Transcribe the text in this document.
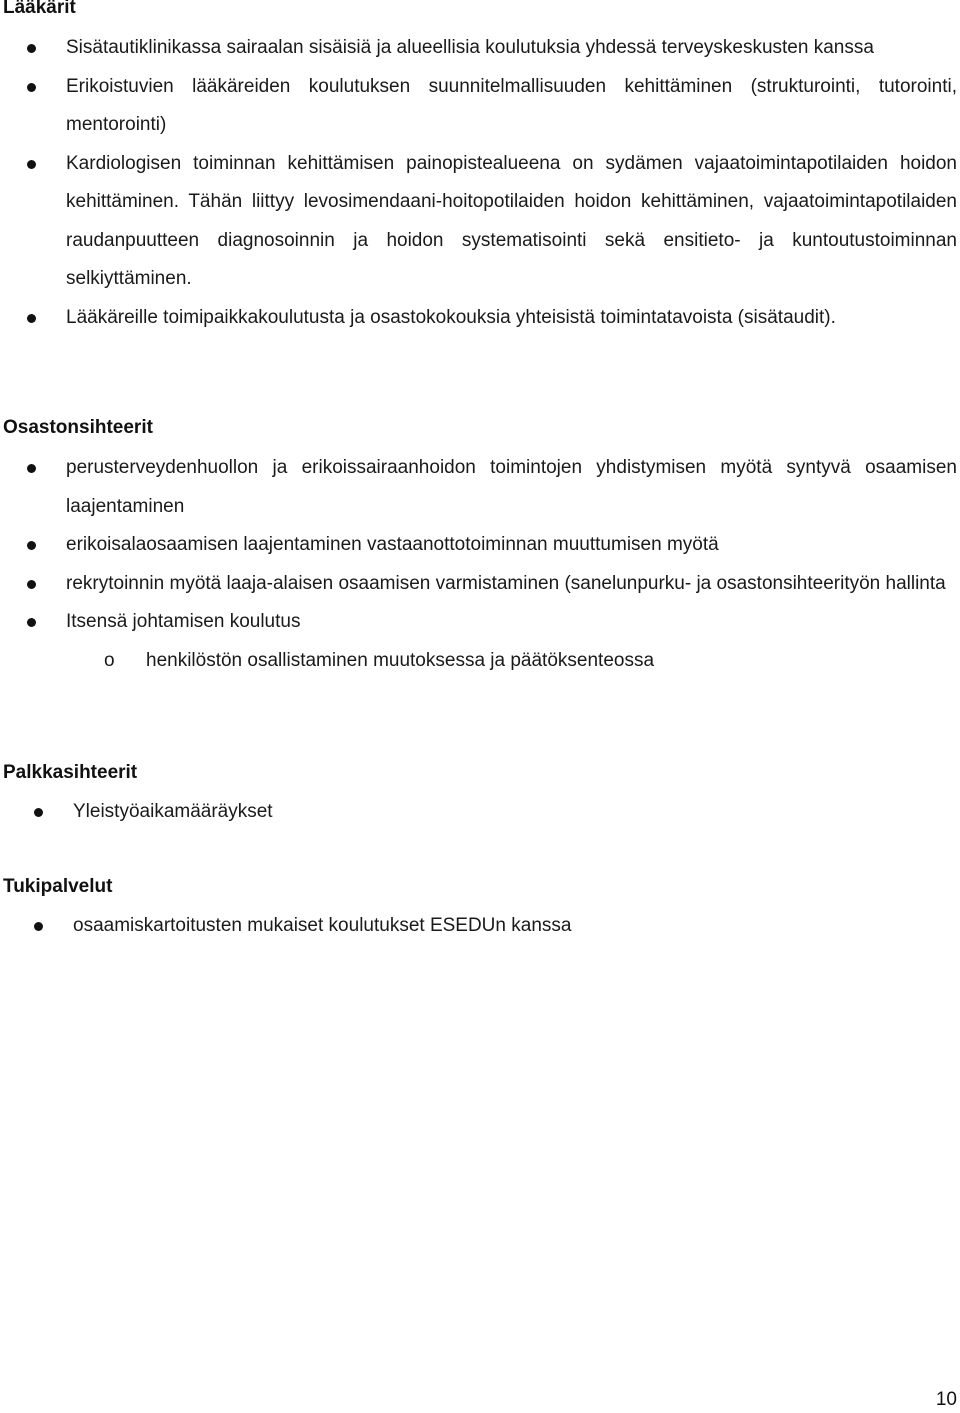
Lääkärit
Sisätautiklinikassa sairaalan sisäisiä ja alueellisia koulutuksia yhdessä terveyskeskusten kanssa
Erikoistuvien lääkäreiden koulutuksen suunnitelmallisuuden kehittäminen (strukturointi, tutorointi, mentorointi)
Kardiologisen toiminnan kehittämisen painopistealueena on sydämen vajaatoimintapotilaiden hoidon kehittäminen. Tähän liittyy levosimendaani-hoitopotilaiden hoidon kehittäminen, vajaatoimintapotilaiden raudanpuutteen diagnosoinnin ja hoidon systematisointi sekä ensitieto- ja kuntoutustoiminnan selkiyttäminen.
Lääkäreille toimipaikkakoulutusta ja osastokokouksia yhteisistä toimintatavoista (sisätaudit).
Osastonsihteerit
perusterveydenhuollon ja erikoissairaanhoidon toimintojen yhdistymisen myötä syntyvä osaamisen laajentaminen
erikoisalaosaamisen laajentaminen vastaanottotoiminnan muuttumisen myötä
rekrytoinnin myötä laaja-alaisen osaamisen varmistaminen (sanelunpurku- ja osastonsihteerityön hallinta
Itsensä johtamisen koulutus
o henkilöstön osallistaminen muutoksessa ja päätöksenteossa
Palkkasihteerit
Yleistyöaikamääräykset
Tukipalvelut
osaamiskartoitusten mukaiset koulutukset ESEDUn kanssa
10
